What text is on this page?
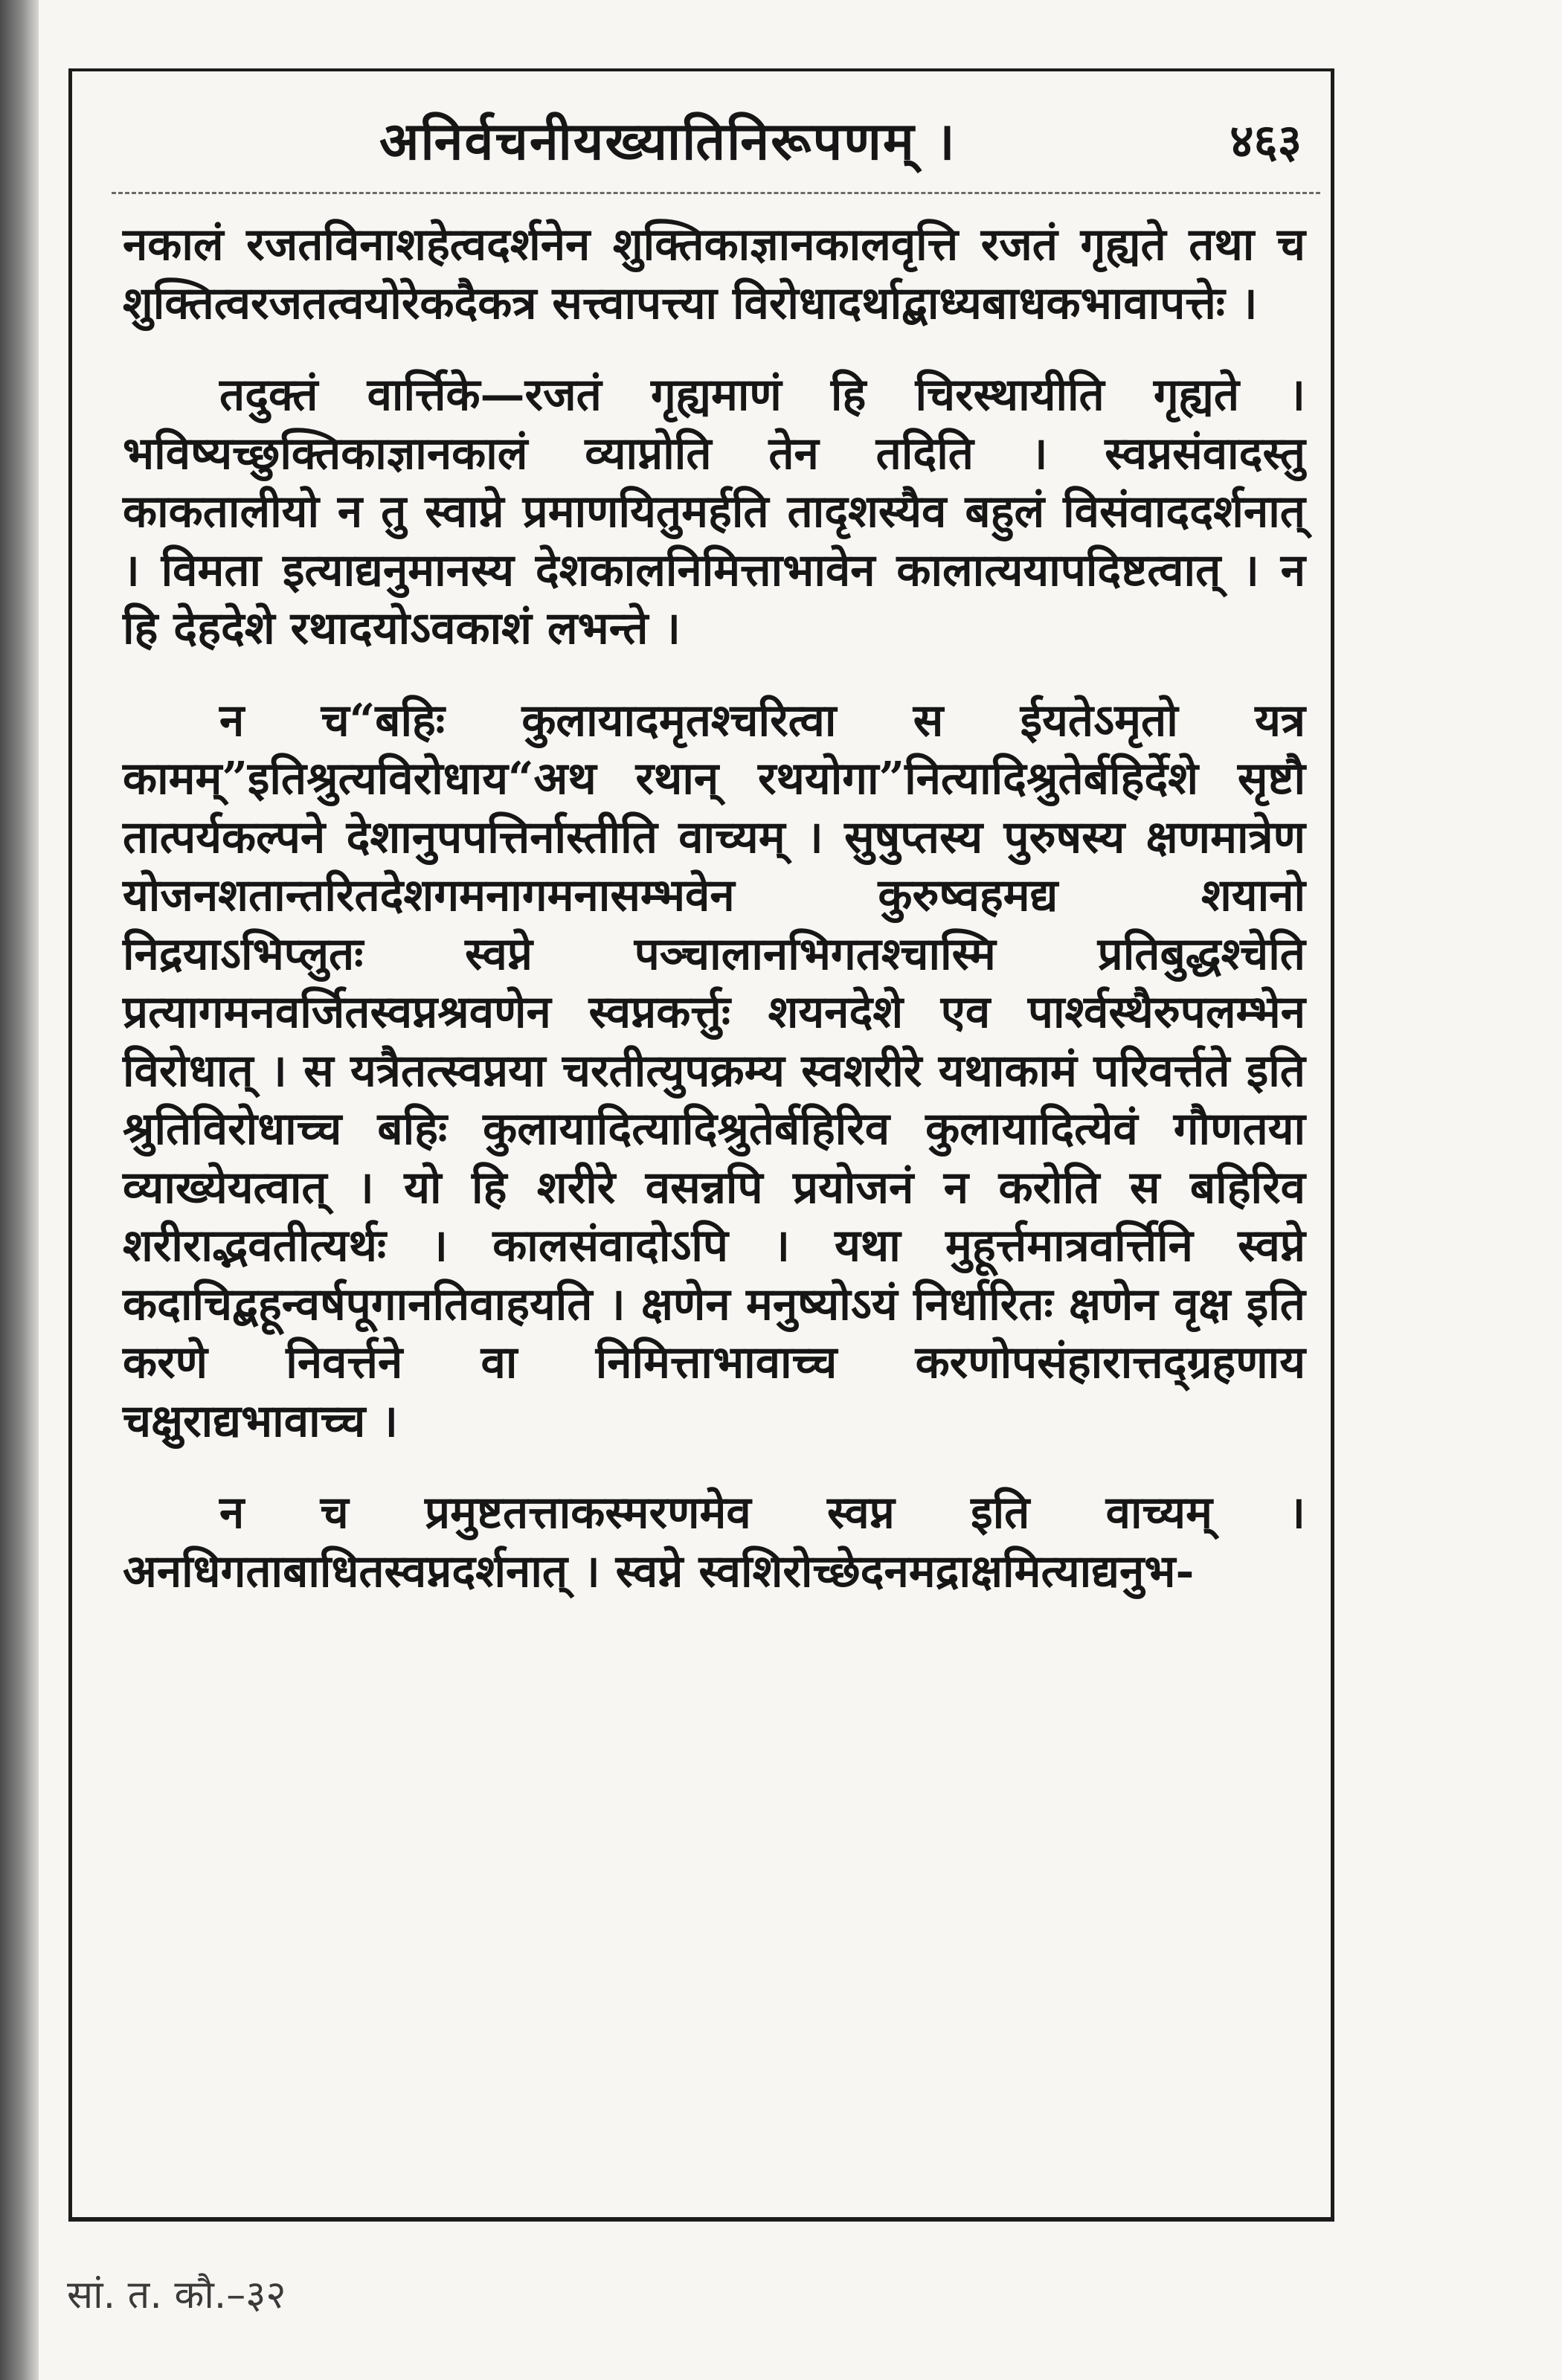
अनिर्वचनीयख्यातिनिरूपणम् ।	४६३

नकालं रजतविनाशहेत्वदर्शनेन शुक्तिकाज्ञानकालवृत्ति रजतं गृह्यते तथा च शुक्तित्वरजतत्वयोरेकदैकत्र सत्त्वापत्त्या विरोधादर्थाद्बाध्यबाधकभावापत्तेः ।

तदुक्तं वार्त्तिके—रजतं गृह्यमाणं हि चिरस्थायीति गृह्यते । भविष्यच्छुक्तिकाज्ञानकालं व्याप्नोति तेन तदिति । स्वप्नसंवादस्तु काकतालीयो न तु स्वाप्ने प्रमाणयितुमर्हति तादृशस्यैव बहुलं विसंवाददर्शनात् । विमता इत्याद्यनुमानस्य देशकालनिमित्ताभावेन कालात्ययापदिष्टत्वात् । न हि देहदेशे रथादयोऽवकाशं लभन्ते ।

न च“बहिः कुलायादमृतश्चरित्वा स ईयतेऽमृतो यत्र कामम्”इतिश्रुत्यविरोधाय“अथ रथान् रथयोगा”नित्यादिश्रुतेर्बहिर्देशे सृष्टौ तात्पर्यकल्पने देशानुपपत्तिर्नास्तीति वाच्यम् । सुषुप्तस्य पुरुषस्य क्षणमात्रेण योजनशतान्तरितदेशगमनागमनासम्भवेन कुरुष्वहमद्य शयानो निद्रयाऽभिप्लुतः स्वप्ने पञ्चालानभिगतश्चास्मि प्रतिबुद्धश्चेति प्रत्यागमनवर्जितस्वप्नश्रवणेन स्वप्नकर्त्तुः शयनदेशे एव पार्श्वस्थैरुपलम्भेन विरोधात् । स यत्रैतत्स्वप्नया चरतीत्युपक्रम्य स्वशरीरे यथाकामं परिवर्त्तते इति श्रुतिविरोधाच्च बहिः कुलायादित्यादिश्रुतेर्बहिरिव कुलायादित्येवं गौणतया व्याख्येयत्वात् । यो हि शरीरे वसन्नपि प्रयोजनं न करोति स बहिरिव शरीराद्भवतीत्यर्थः । कालसंवादोऽपि । यथा मुहूर्त्तमात्रवर्त्तिनि स्वप्ने कदाचिद्बहून्वर्षपूगानतिवाहयति । क्षणेन मनुष्योऽयं निर्धारितः क्षणेन वृक्ष इति करणे निवर्त्तने वा निमित्ताभावाच्च करणोपसंहारात्तद्ग्रहणाय चक्षुराद्यभावाच्च ।

न च प्रमुष्टतत्ताकस्मरणमेव स्वप्न इति वाच्यम् । अनधिगताबाधितस्वप्नदर्शनात् । स्वप्ने स्वशिरोच्छेदनमद्राक्षमित्याद्यनुभ-

सां. त. कौ.–३२
